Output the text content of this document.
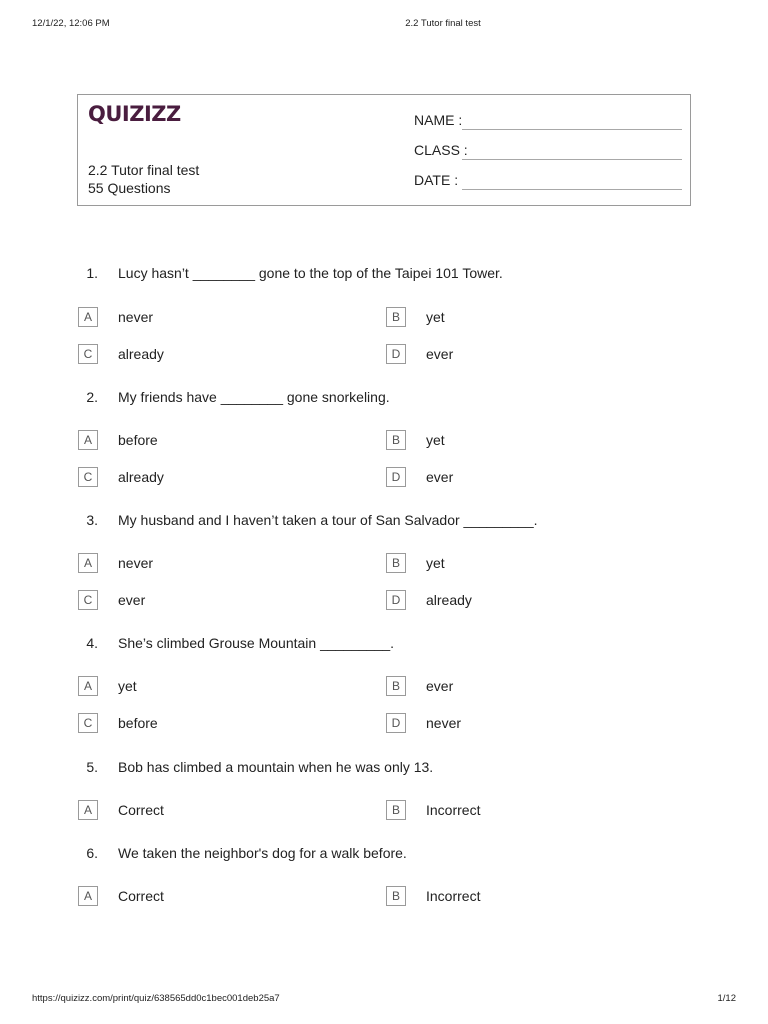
12/1/22, 12:06 PM	2.2 Tutor final test
QUIZIZZ
2.2 Tutor final test
55 Questions
NAME :
CLASS :
DATE :
1. Lucy hasn’t ________ gone to the top of the Taipei 101 Tower.
A	never	B	yet
C	already	D	ever
2. My friends have ________ gone snorkeling.
A	before	B	yet
C	already	D	ever
3. My husband and I haven’t taken a tour of San Salvador _________.
A	never	B	yet
C	ever	D	already
4. She’s climbed Grouse Mountain _________.
A	yet	B	ever
C	before	D	never
5. Bob has climbed a mountain when he was only 13.
A	Correct	B	Incorrect
6. We taken the neighbor's dog for a walk before.
A	Correct	B	Incorrect
https://quizizz.com/print/quiz/638565dd0c1bec001deb25a7	1/12
